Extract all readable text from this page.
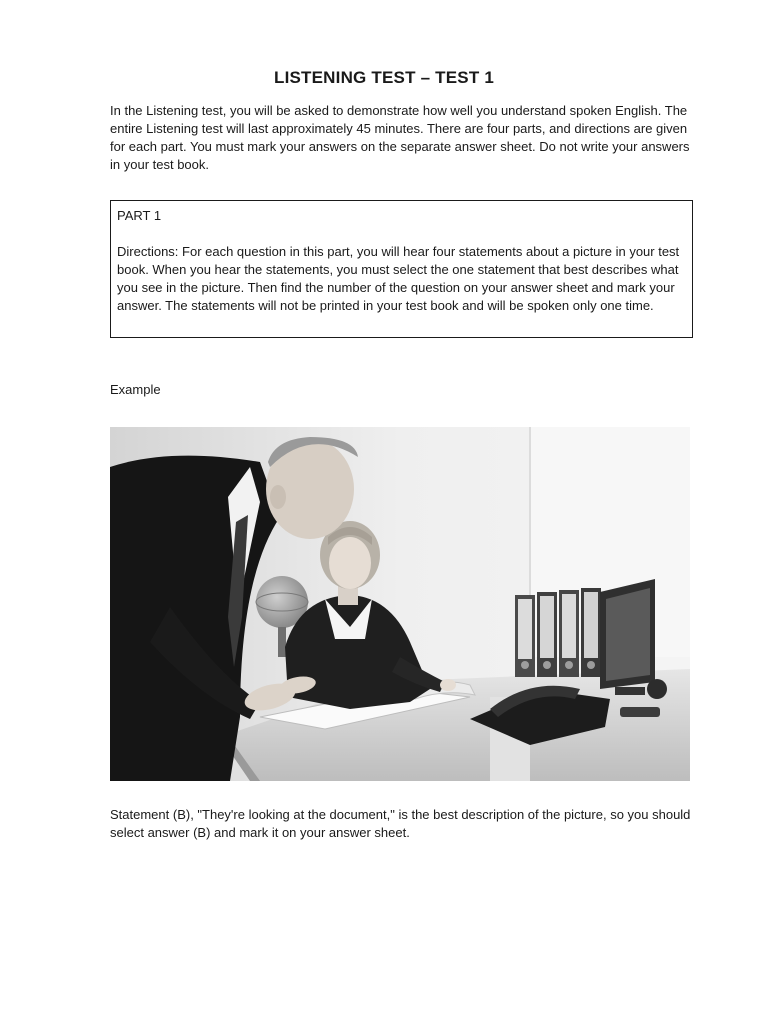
LISTENING TEST – TEST 1

In the Listening test, you will be asked to demonstrate how well you understand spoken English. The entire Listening test will last approximately 45 minutes. There are four parts, and directions are given for each part. You must mark your answers on the separate answer sheet. Do not write your answers in your test book.

PART 1

Directions: For each question in this part, you will hear four statements about a picture in your test book. When you hear the statements, you must select the one statement that best describes what you see in the picture. Then find the number of the question on your answer sheet and mark your answer. The statements will not be printed in your test book and will be spoken only one time.

Example

Statement (B), "They're looking at the document," is the best description of the picture, so you should select answer (B) and mark it on your answer sheet.
